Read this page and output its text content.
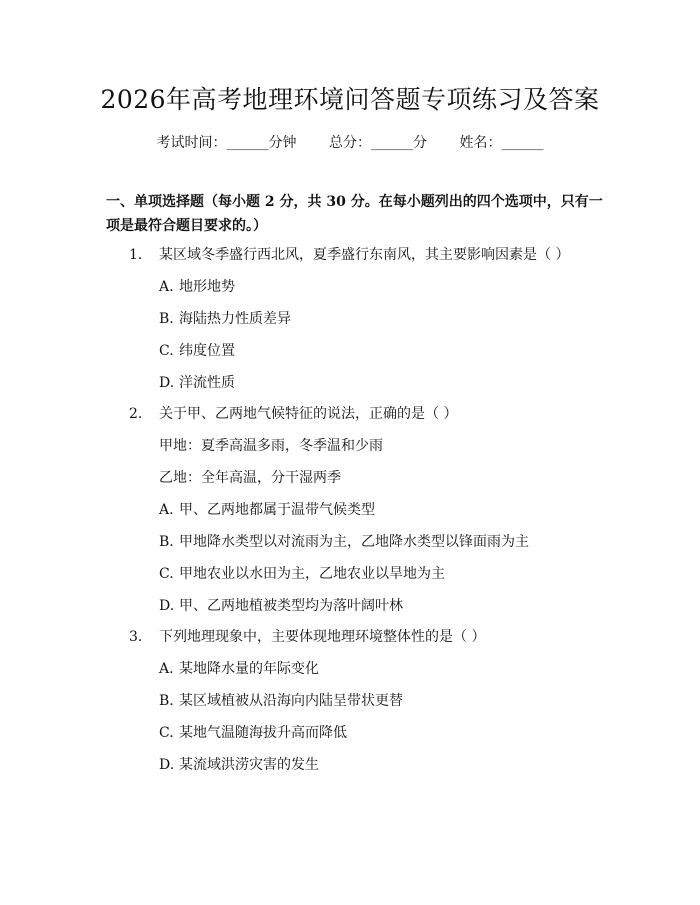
2026年高考地理环境问答题专项练习及答案
考试时间：______分钟 总分：______分 姓名：______
一、单项选择题（每小题 2 分，共 30 分。在每小题列出的四个选项中，只有一项是最符合题目要求的。）
1. 某区域冬季盛行西北风，夏季盛行东南风，其主要影响因素是（ ）
A. 地形地势
B. 海陆热力性质差异
C. 纬度位置
D. 洋流性质
2. 关于甲、乙两地气候特征的说法，正确的是（ ）
甲地：夏季高温多雨，冬季温和少雨
乙地：全年高温，分干湿两季
A. 甲、乙两地都属于温带气候类型
B. 甲地降水类型以对流雨为主，乙地降水类型以锋面雨为主
C. 甲地农业以水田为主，乙地农业以旱地为主
D. 甲、乙两地植被类型均为落叶阔叶林
3. 下列地理现象中，主要体现地理环境整体性的是（ ）
A. 某地降水量的年际变化
B. 某区域植被从沿海向内陆呈带状更替
C. 某地气温随海拔升高而降低
D. 某流域洪涝灾害的发生
